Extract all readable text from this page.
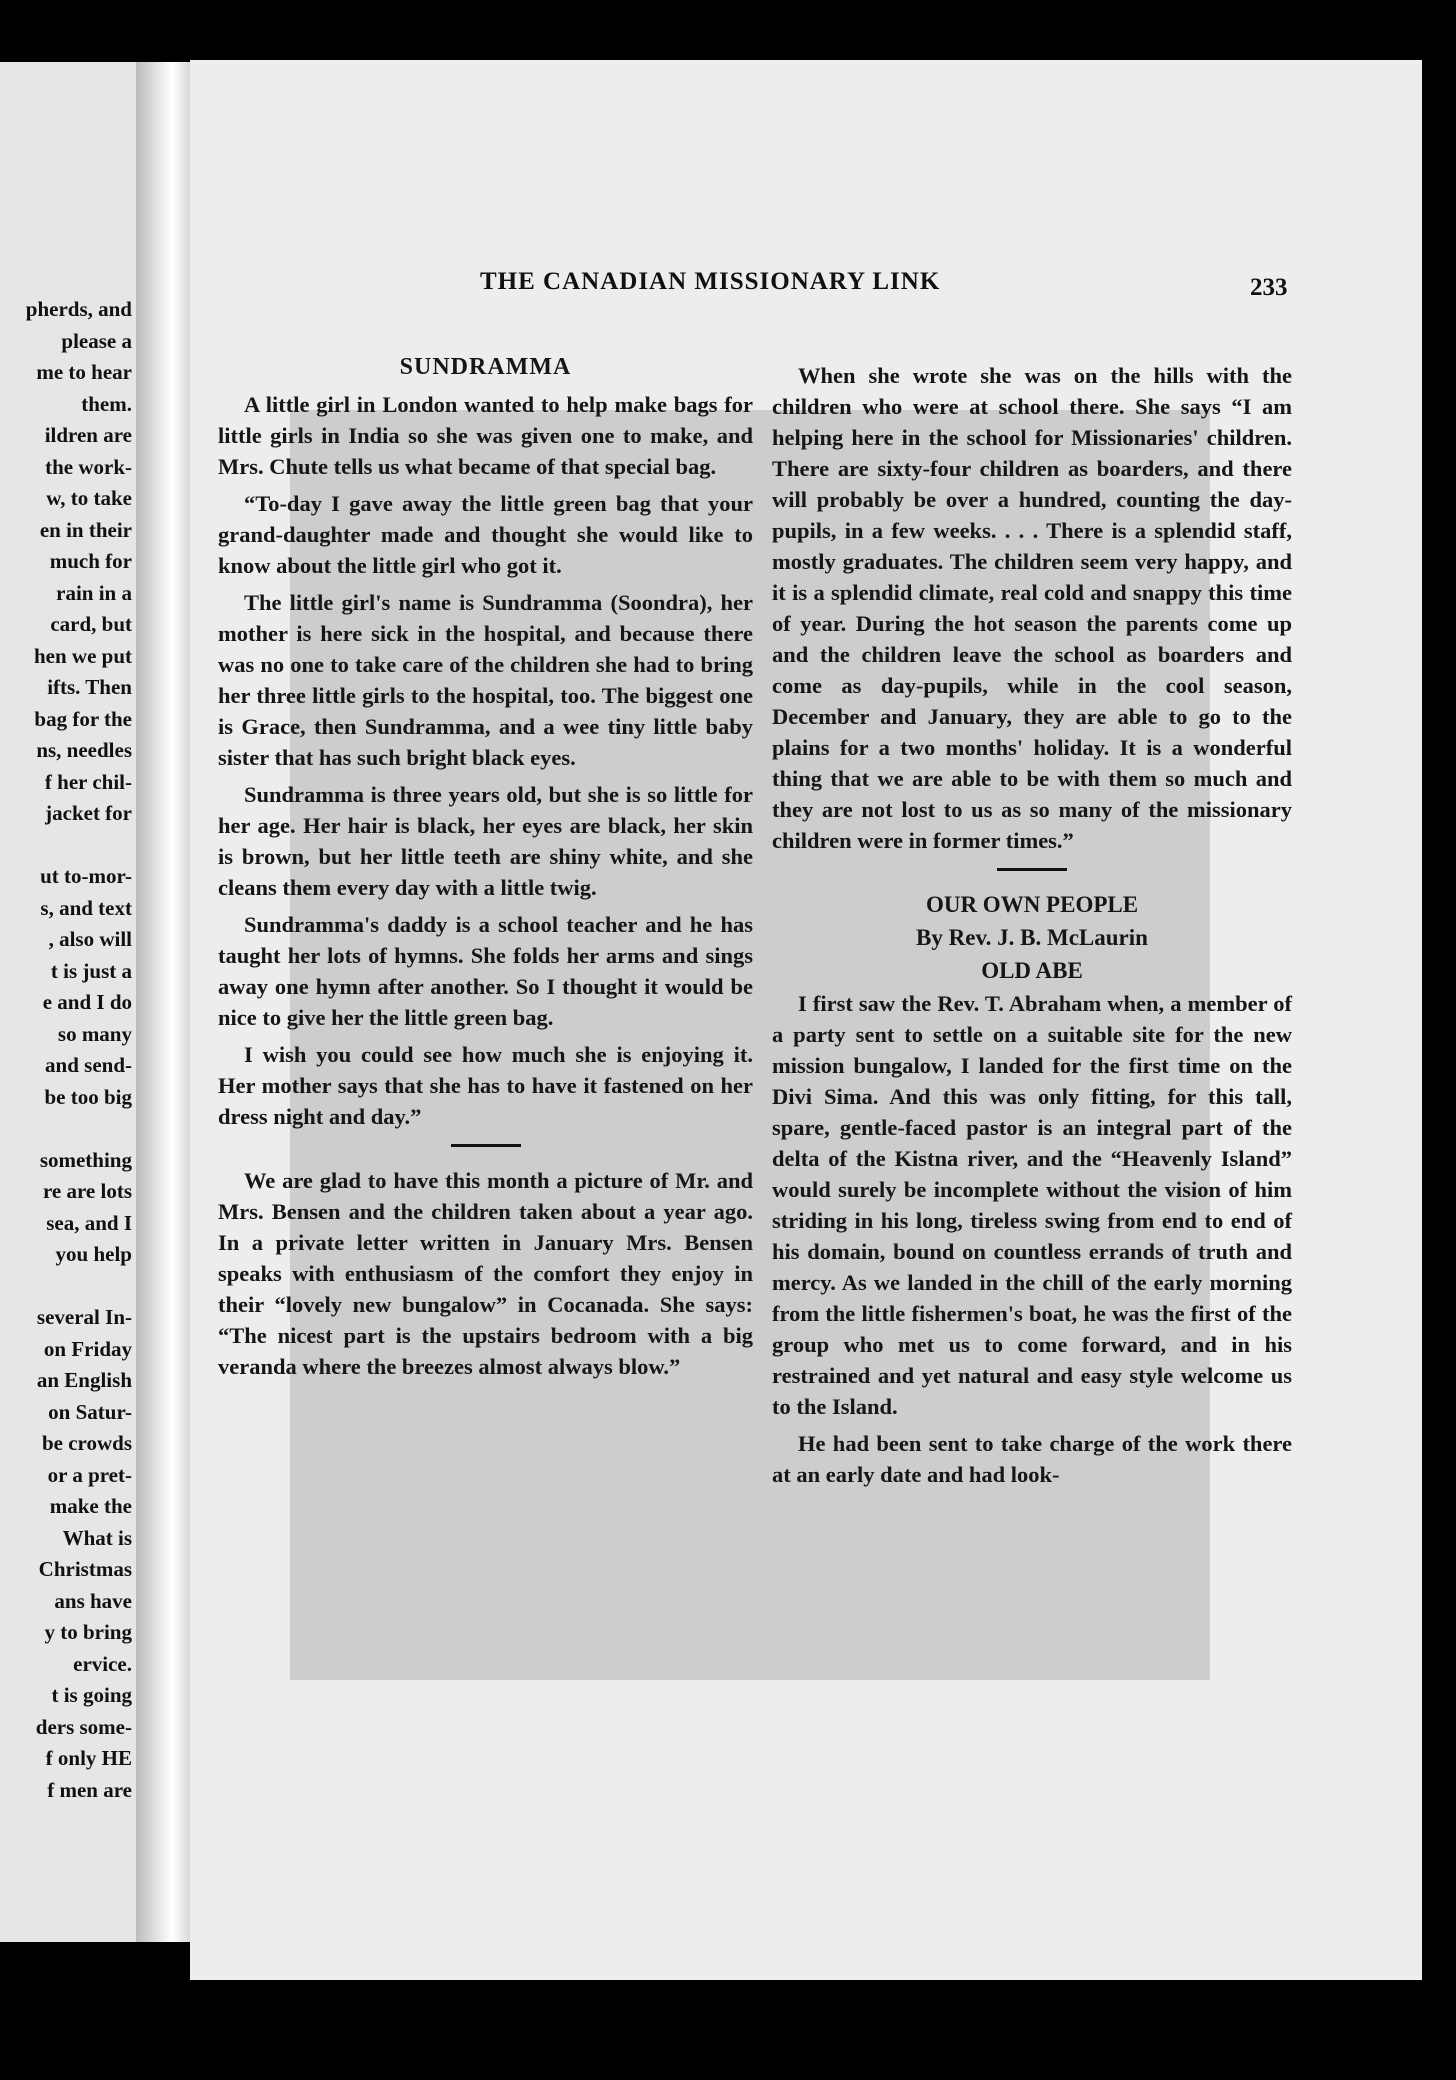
pherds, and
please a
me to hear
them.
ildren are
the work-
w, to take
en in their
much for
rain in a
card, but
hen we put
ifts. Then
bag for the
ns, needles
f her chil-
jacket for

ut to-mor-
s, and text
, also will
t is just a
e and I do
so many
and send-
be too big

something
re are lots
sea, and I
you help

several In-
on Friday
an English
on Satur-
be crowds
or a pret-
make the
What is
Christmas
ans have
y to bring
ervice.
t is going
ders some-
f only HE
f men are
THE CANADIAN MISSIONARY LINK	233
SUNDRAMMA

A little girl in London wanted to help make bags for little girls in India so she was given one to make, and Mrs. Chute tells us what became of that special bag.

“To-day I gave away the little green bag that your grand-daughter made and thought she would like to know about the little girl who got it.

The little girl's name is Sundramma (Soondra), her mother is here sick in the hospital, and because there was no one to take care of the children she had to bring her three little girls to the hospital, too. The biggest one is Grace, then Sundramma, and a wee tiny little baby sister that has such bright black eyes.

Sundramma is three years old, but she is so little for her age. Her hair is black, her eyes are black, her skin is brown, but her little teeth are shiny white, and she cleans them every day with a little twig.

Sundramma's daddy is a school teacher and he has taught her lots of hymns. She folds her arms and sings away one hymn after another. So I thought it would be nice to give her the little green bag.

I wish you could see how much she is enjoying it. Her mother says that she has to have it fastened on her dress night and day.”

We are glad to have this month a picture of Mr. and Mrs. Bensen and the children taken about a year ago. In a private letter written in January Mrs. Bensen speaks with enthusiasm of the comfort they enjoy in their “lovely new bungalow” in Cocanada. She says: “The nicest part is the upstairs bedroom with a big veranda where the breezes almost always blow.”

When she wrote she was on the hills with the children who were at school there. She says “I am helping here in the school for Missionaries' children. There are sixty-four children as boarders, and there will probably be over a hundred, counting the day-pupils, in a few weeks. . . . There is a splendid staff, mostly graduates. The children seem very happy, and it is a splendid climate, real cold and snappy this time of year. During the hot season the parents come up and the children leave the school as boarders and come as day-pupils, while in the cool season, December and January, they are able to go to the plains for a two months' holiday. It is a wonderful thing that we are able to be with them so much and they are not lost to us as so many of the missionary children were in former times.”

OUR OWN PEOPLE
By Rev. J. B. McLaurin
OLD ABE

I first saw the Rev. T. Abraham when, a member of a party sent to settle on a suitable site for the new mission bungalow, I landed for the first time on the Divi Sima. And this was only fitting, for this tall, spare, gentle-faced pastor is an integral part of the delta of the Kistna river, and the “Heavenly Island” would surely be incomplete without the vision of him striding in his long, tireless swing from end to end of his domain, bound on countless errands of truth and mercy. As we landed in the chill of the early morning from the little fishermen's boat, he was the first of the group who met us to come forward, and in his restrained and yet natural and easy style welcome us to the Island.

He had been sent to take charge of the work there at an early date and had look-
